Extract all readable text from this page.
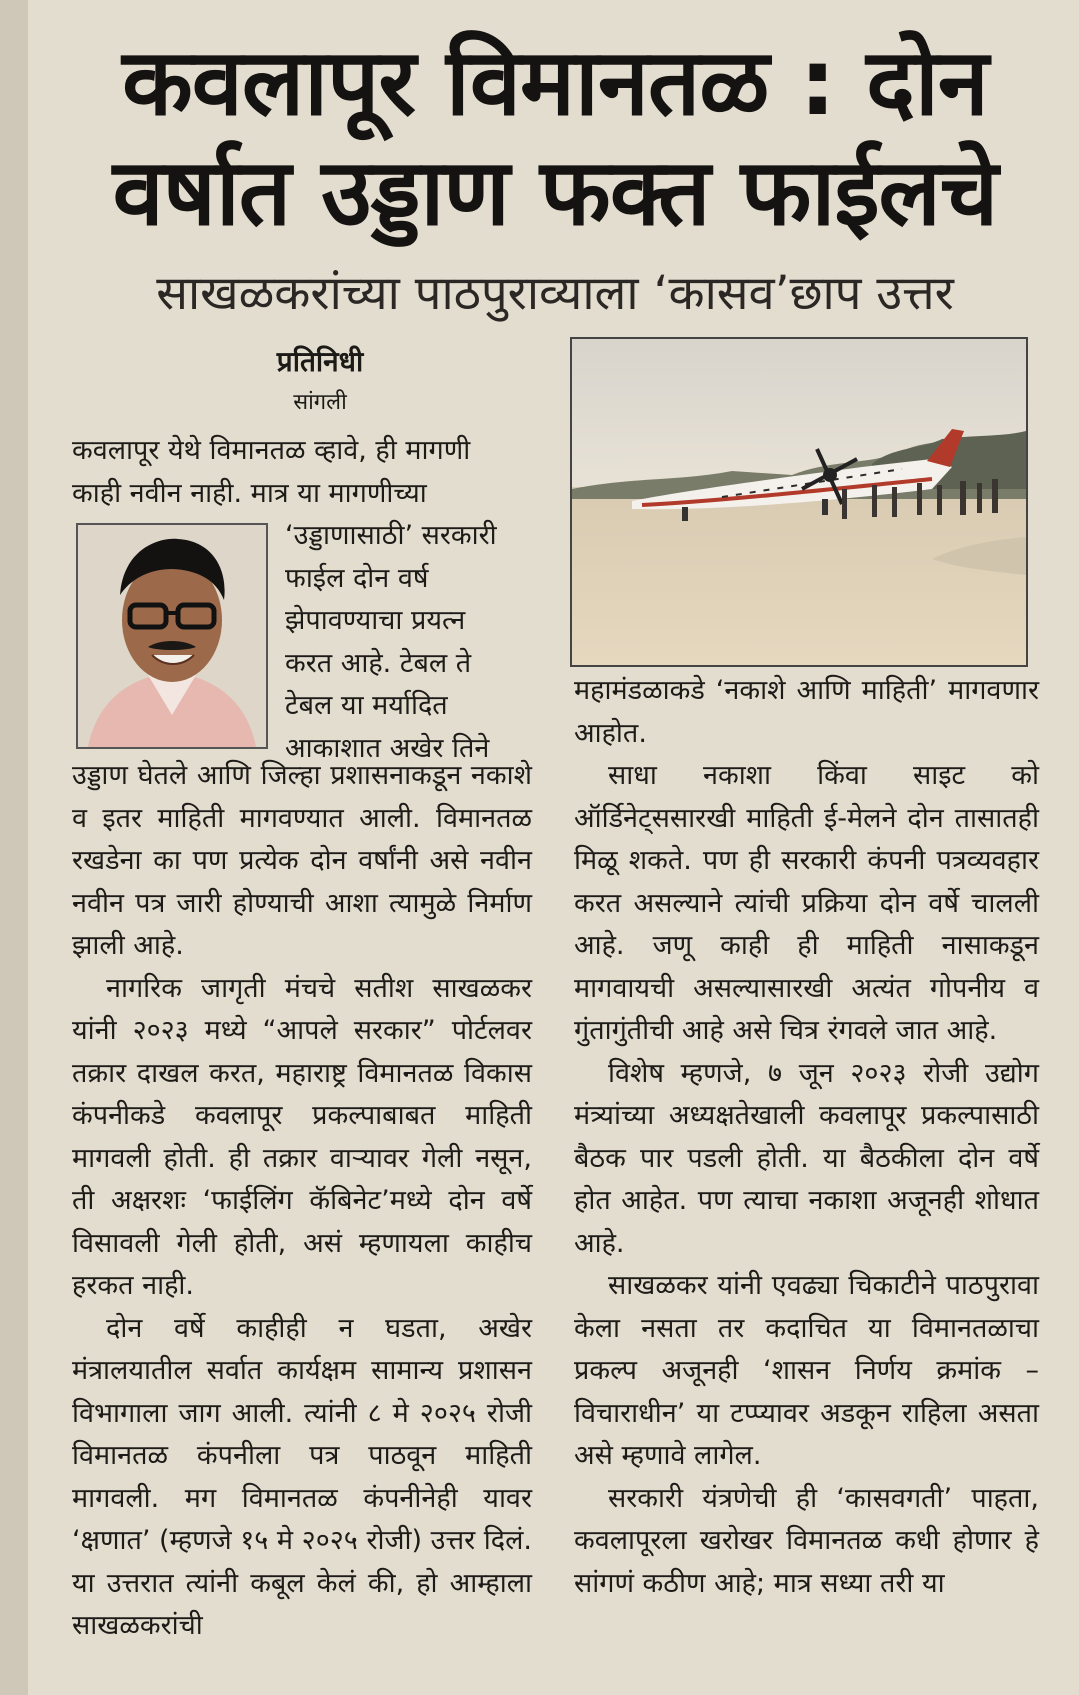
कवलापूर विमानतळ : दोन
वर्षात उड्डाण फक्त फाईलचे
साखळकरांच्या पाठपुराव्याला ‘कासव’छाप उत्तर
प्रतिनिधी
सांगली

कवलापूर येथे विमानतळ व्हावे, ही मागणी

काही नवीन नाही. मात्र या मागणीच्या

‘उड्डाणासाठी’ सरकारी

फाईल दोन वर्ष

झेपावण्याचा प्रयत्न

करत आहे. टेबल ते

टेबल या मर्यादित

आकाशात अखेर तिने

उड्डाण घेतले आणि जिल्हा प्रशासनाकडून नकाशे व इतर माहिती मागवण्यात आली. विमानतळ रखडेना का पण प्रत्येक दोन वर्षांनी असे नवीन नवीन पत्र जारी होण्याची आशा त्यामुळे निर्माण झाली आहे.

नागरिक जागृती मंचचे सतीश साखळकर यांनी २०२३ मध्ये “आपले सरकार” पोर्टलवर तक्रार दाखल करत, महाराष्ट्र विमानतळ विकास कंपनीकडे कवलापूर प्रकल्पाबाबत माहिती मागवली होती. ही तक्रार वाऱ्यावर गेली नसून, ती अक्षरशः ‘फाईलिंग कॅबिनेट’मध्ये दोन वर्षे विसावली गेली होती, असं म्हणायला काहीच हरकत नाही.

दोन वर्षे काहीही न घडता, अखेर मंत्रालयातील सर्वात कार्यक्षम सामान्य प्रशासन विभागाला जाग आली. त्यांनी ८ मे २०२५ रोजी विमानतळ कंपनीला पत्र पाठवून माहिती मागवली. मग विमानतळ कंपनीनेही यावर ‘क्षणात’ (म्हणजे १५ मे २०२५ रोजी) उत्तर दिलं. या उत्तरात त्यांनी कबूल केलं की, हो आम्हाला साखळकरांची

महामंडळाकडे ‘नकाशे आणि माहिती’ मागवणार आहोत.

साधा नकाशा किंवा साइट को ऑर्डिनेट्ससारखी माहिती ई-मेलने दोन तासातही मिळू शकते. पण ही सरकारी कंपनी पत्रव्यवहार करत असल्याने त्यांची प्रक्रिया दोन वर्षे चालली आहे. जणू काही ही माहिती नासाकडून मागवायची असल्यासारखी अत्यंत गोपनीय व गुंतागुंतीची आहे असे चित्र रंगवले जात आहे.

विशेष म्हणजे, ७ जून २०२३ रोजी उद्योग मंत्र्यांच्या अध्यक्षतेखाली कवलापूर प्रकल्पासाठी बैठक पार पडली होती. या बैठकीला दोन वर्षे होत आहेत. पण त्याचा नकाशा अजूनही शोधात आहे.

साखळकर यांनी एवढ्या चिकाटीने पाठपुरावा केला नसता तर कदाचित या विमानतळाचा प्रकल्प अजूनही ‘शासन निर्णय क्रमांक – विचाराधीन’ या टप्प्यावर अडकून राहिला असता असे म्हणावे लागेल.

सरकारी यंत्रणेची ही ‘कासवगती’ पाहता, कवलापूरला खरोखर विमानतळ कधी होणार हे सांगणं कठीण आहे; मात्र सध्या तरी या
